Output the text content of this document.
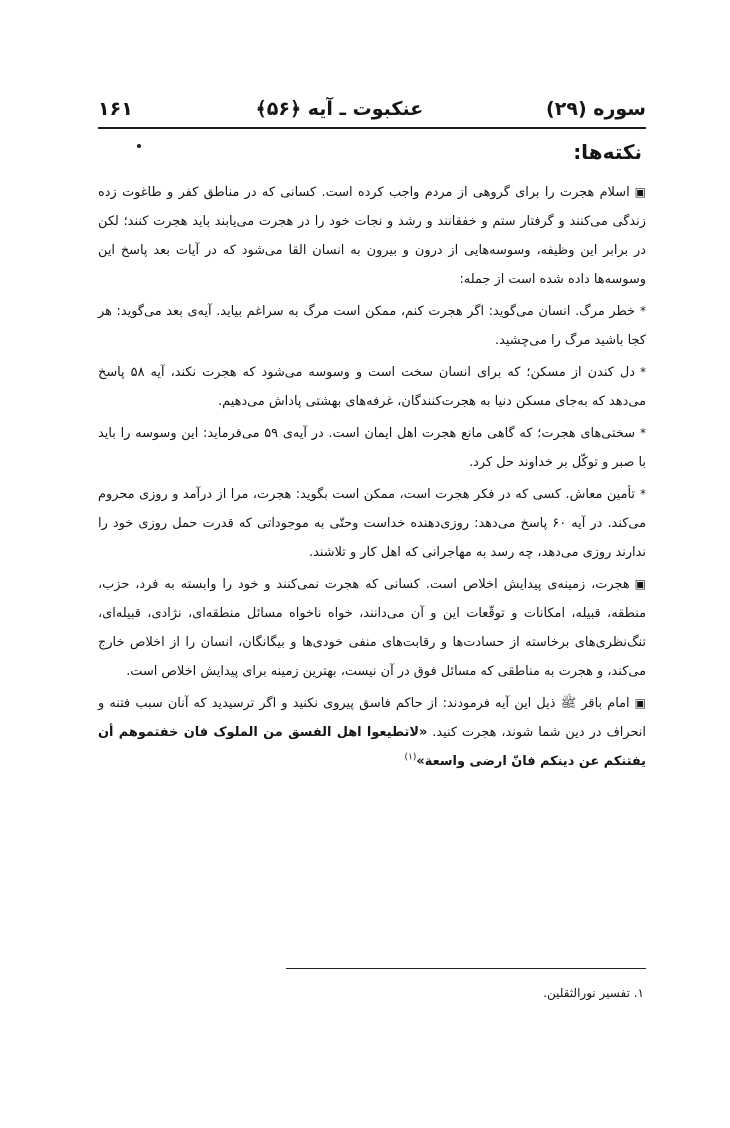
سوره (۲۹)
عنکبوت ـ آیه ﴿۵۶﴾
۱۶۱
نکته‌ها:

▣اسلام هجرت را برای گروهی از مردم واجب کرده است. کسانی که در مناطق کفر و طاغوت زده زندگی می‌کنند و گرفتار ستم و خفقانند و رشد و نجات خود را در هجرت می‌یابند باید هجرت کنند؛ لکن در برابر این وظیفه، وسوسه‌هایی از درون و بیرون به انسان القا می‌شود که در آیات بعد پاسخ این وسوسه‌ها داده شده است از جمله:

*خطر مرگ. انسان می‌گوید: اگر هجرت کنم، ممکن است مرگ به سراغم بیاید. آیه‌ی بعد می‌گوید: هر کجا باشید مرگ را می‌چشید.

*دل کندن از مسکن؛ که برای انسان سخت است و وسوسه می‌شود که هجرت نکند، آیه ۵۸ پاسخ می‌دهد که به‌جای مسکن دنیا به هجرت‌کنندگان، غرفه‌های بهشتی پاداش می‌دهیم.

*سختی‌های هجرت؛ که گاهی مانع هجرت اهل ایمان است. در آیه‌ی ۵۹ می‌فرماید: این وسوسه را باید با صبر و توکّل بر خداوند حل کرد.

*تأمین معاش. کسی که در فکر هجرت است، ممکن است بگوید: هجرت، مرا از درآمد و روزی محروم می‌کند. در آیه ۶۰ پاسخ می‌دهد: روزی‌دهنده خداست وحتّی به موجوداتی که قدرت حمل روزی خود را ندارند روزی می‌دهد، چه رسد به مهاجرانی که اهل کار و تلاشند.

▣هجرت، زمینه‌ی پیدایش اخلاص است. کسانی که هجرت نمی‌کنند و خود را وابسته به فرد، حزب، منطقه، قبیله، امکانات و توقّعات این و آن می‌دانند، خواه ناخواه مسائل منطقه‌ای، نژادی، قبیله‌ای، تنگ‌نظری‌های برخاسته از حسادت‌ها و رقابت‌های منفی خودی‌ها و بیگانگان، انسان را از اخلاص خارج می‌کند، و هجرت به مناطقی که مسائل فوق در آن نیست، بهترین زمینه برای پیدایش اخلاص است.

▣امام باقر ﷺ ذیل این آیه فرمودند: از حاکم فاسق پیروی نکنید و اگر ترسیدید که آنان سبب فتنه و انحراف در دین شما شوند، هجرت کنید. «لاتطیعوا اهل الفسق من الملوک فان خفتموهم أن یفتنکم عن دینکم فانّ ارضی واسعة»$^{(۱)}$

۱. تفسیر نورالثقلین.
